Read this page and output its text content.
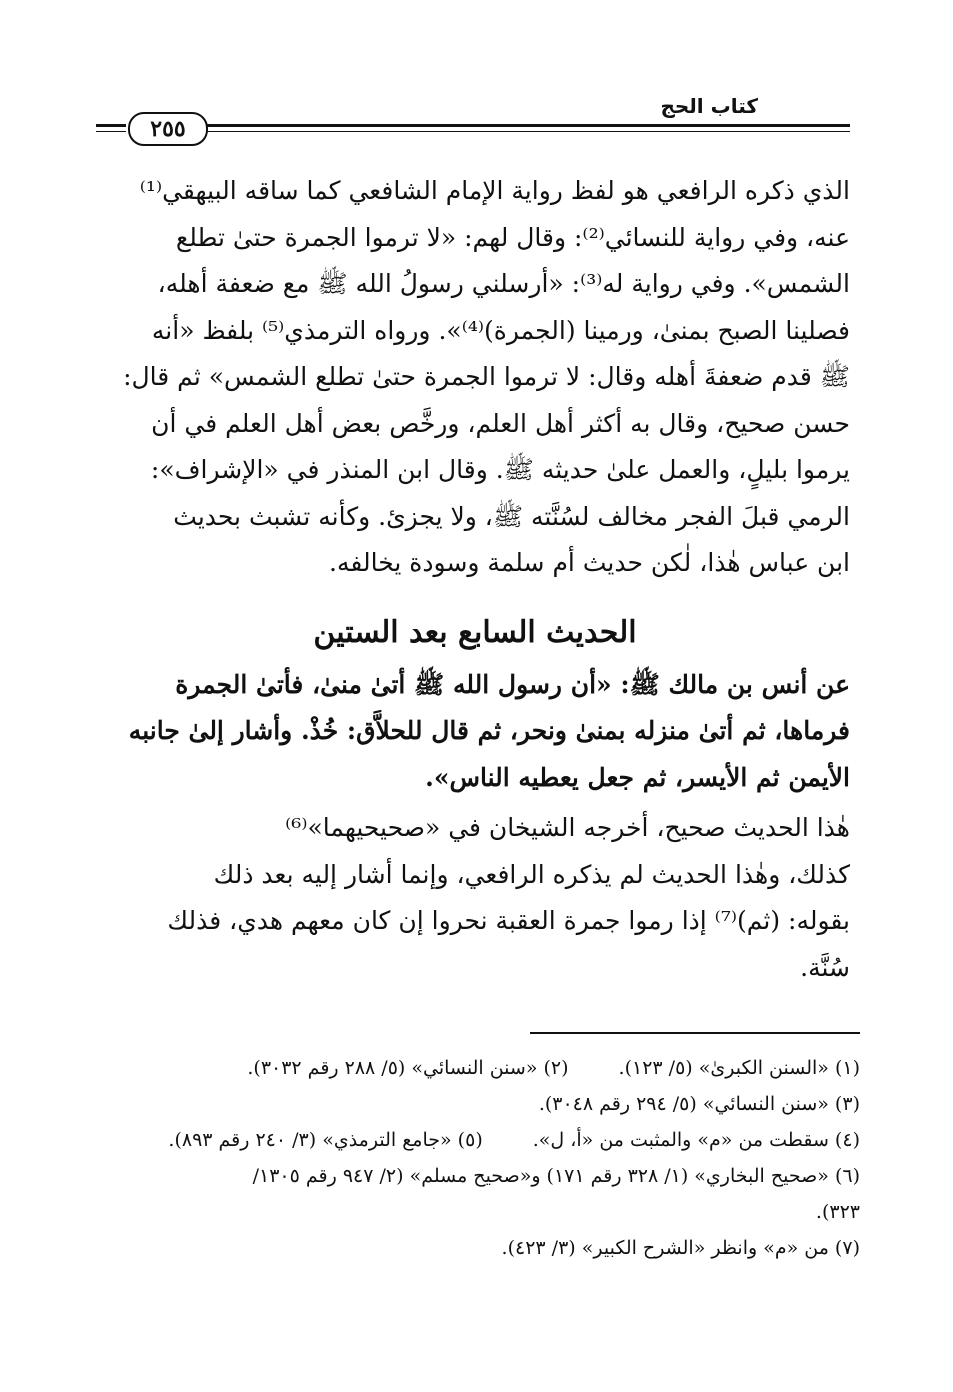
٢٥٥
كتاب الحج

الذي ذكره الرافعي هو لفظ رواية الإمام الشافعي كما ساقه البيهقي⁽¹⁾

عنه، وفي رواية للنسائي⁽²⁾: وقال لهم: «لا ترموا الجمرة حتىٰ تطلع

الشمس». وفي رواية له⁽³⁾: «أرسلني رسولُ الله ﷺ مع ضعفة أهله،

فصلينا الصبح بمنىٰ، ورمينا (الجمرة)⁽⁴⁾». ورواه الترمذي⁽⁵⁾ بلفظ «أنه

ﷺ قدم ضعفةَ أهله وقال: لا ترموا الجمرة حتىٰ تطلع الشمس» ثم قال:

حسن صحيح، وقال به أكثر أهل العلم، ورخَّص بعض أهل العلم في أن

يرموا بليلٍ، والعمل علىٰ حديثه ﷺ. وقال ابن المنذر في «الإشراف»:

الرمي قبلَ الفجر مخالف لسُنَّته ﷺ، ولا يجزئ. وكأنه تشبث بحديث

ابن عباس هٰذا، لٰكن حديث أم سلمة وسودة يخالفه.

الحديث السابع بعد الستين

عن أنس بن مالك ﷺ: «أن رسول الله ﷺ أتىٰ منىٰ، فأتىٰ الجمرة

فرماها، ثم أتىٰ منزله بمنىٰ ونحر، ثم قال للحلاَّق: خُذْ. وأشار إلىٰ جانبه

الأيمن ثم الأيسر، ثم جعل يعطيه الناس».

هٰذا الحديث صحيح، أخرجه الشيخان في «صحيحيهما»⁽⁶⁾

كذلك، وهٰذا الحديث لم يذكره الرافعي، وإنما أشار إليه بعد ذلك

بقوله: (ثم)⁽⁷⁾ إذا رموا جمرة العقبة نحروا إن كان معهم هدي، فذلك

سُنَّة.

(١) «السنن الكبرىٰ» (٥/ ١٢٣).(٢) «سنن النسائي» (٥/ ٢٨٨ رقم ٣٠٣٢).
(٣) «سنن النسائي» (٥/ ٢٩٤ رقم ٣٠٤٨).
(٤) سقطت من «م» والمثبت من «أ، ل».(٥) «جامع الترمذي» (٣/ ٢٤٠ رقم ٨٩٣).
(٦) «صحيح البخاري» (١/ ٣٢٨ رقم ١٧١) و«صحيح مسلم» (٢/ ٩٤٧ رقم ١٣٠٥/
٣٢٣).
(٧) من «م» وانظر «الشرح الكبير» (٣/ ٤٢٣).
